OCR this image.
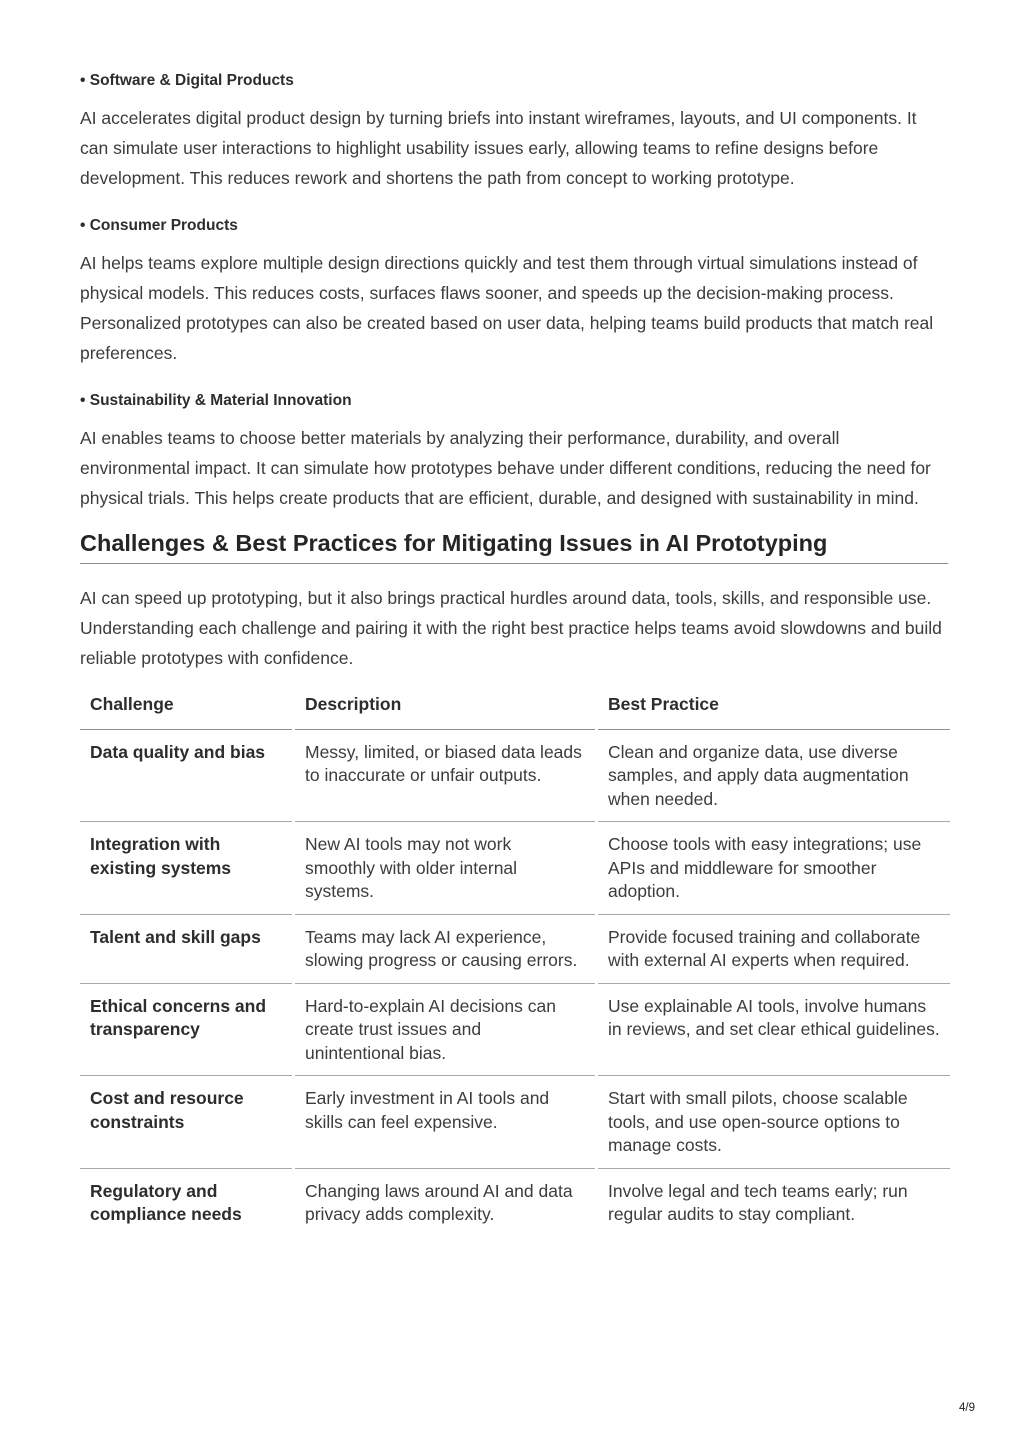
• Software & Digital Products

AI accelerates digital product design by turning briefs into instant wireframes, layouts, and UI components. It can simulate user interactions to highlight usability issues early, allowing teams to refine designs before development. This reduces rework and shortens the path from concept to working prototype.

• Consumer Products

AI helps teams explore multiple design directions quickly and test them through virtual simulations instead of physical models. This reduces costs, surfaces flaws sooner, and speeds up the decision-making process. Personalized prototypes can also be created based on user data, helping teams build products that match real preferences.

• Sustainability & Material Innovation

AI enables teams to choose better materials by analyzing their performance, durability, and overall environmental impact. It can simulate how prototypes behave under different conditions, reducing the need for physical trials. This helps create products that are efficient, durable, and designed with sustainability in mind.

Challenges & Best Practices for Mitigating Issues in AI Prototyping

AI can speed up prototyping, but it also brings practical hurdles around data, tools, skills, and responsible use. Understanding each challenge and pairing it with the right best practice helps teams avoid slowdowns and build reliable prototypes with confidence.

Challenge	Description	Best Practice
Data quality and bias	Messy, limited, or biased data leads to inaccurate or unfair outputs.	Clean and organize data, use diverse samples, and apply data augmentation when needed.
Integration with existing systems	New AI tools may not work smoothly with older internal systems.	Choose tools with easy integrations; use APIs and middleware for smoother adoption.
Talent and skill gaps	Teams may lack AI experience, slowing progress or causing errors.	Provide focused training and collaborate with external AI experts when required.
Ethical concerns and transparency	Hard-to-explain AI decisions can create trust issues and unintentional bias.	Use explainable AI tools, involve humans in reviews, and set clear ethical guidelines.
Cost and resource constraints	Early investment in AI tools and skills can feel expensive.	Start with small pilots, choose scalable tools, and use open-source options to manage costs.
Regulatory and compliance needs	Changing laws around AI and data privacy adds complexity.	Involve legal and tech teams early; run regular audits to stay compliant.
4/9
